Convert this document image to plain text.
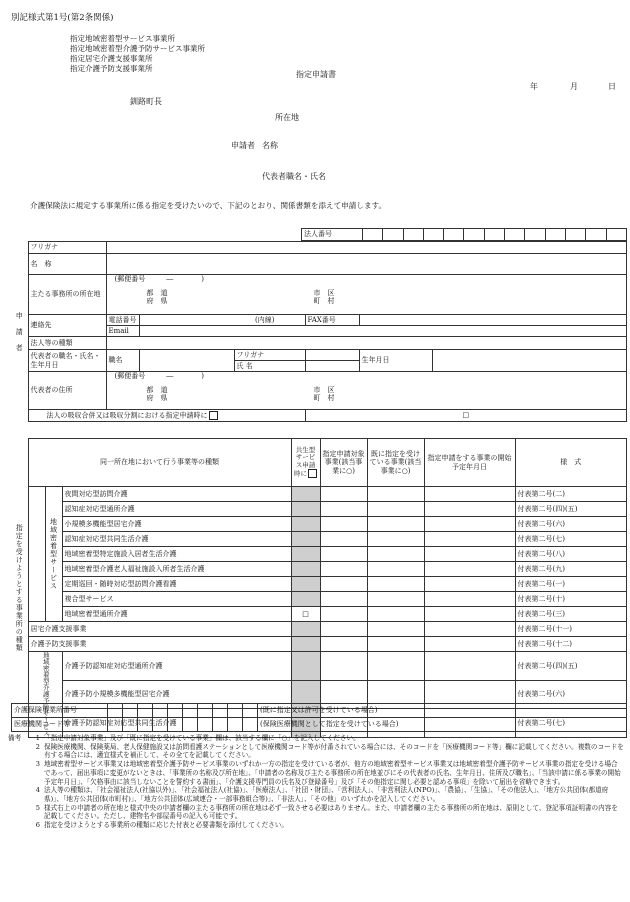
別記様式第1号(第2条関係)
指定地域密着型サービス事業所
指定地域密着型介護予防サービス事業所
指定居宅介護支援事業所
指定介護予防支援事業所
指定申請書
年	月	日
釧路町長
所在地
申請者 名称
代表者職名・氏名
介護保険法に規定する事業所に係る指定を受けたいので、下記のとおり、関係書類を添えて申請します。
法人番号													
申　請　者	フリガナ						
	名　称						
	主たる事務所の所在地	(郵便番号　　　―　　　　)
都　道
府　県
市　区
町　村					

	連絡先	電話番号	(内線)		FAX番号		
		Email					
	法人等の種類						
	代表者の職名・氏名・生年月日	職名		フリガナ		生年月日	
				氏 名			
	代表者の住所	(郵便番号　　　―　　　　)
都　道
府　県
市　区
町　村					

	法人の吸収合併又は吸収分割における指定申請時に				□		
指定を受けようとする事業所の種類	同一所在地において行う事業等の種類			共生型サービス申請時に	指定申請対象事業(該当事業に○)	既に指定を受けている事業(該当事業に○)	指定申請をする事業の開始予定年月日	様　式
		地域密着型サービス	夜間対応型訪問介護					付表第二号(二)
			認知症対応型通所介護					付表第二号(四)(五)
			小規模多機能型居宅介護					付表第二号(六)
			認知症対応型共同生活介護					付表第二号(七)
			地域密着型特定施設入居者生活介護					付表第二号(八)
			地域密着型介護老人福祉施設入所者生活介護					付表第二号(九)
			定期巡回・随時対応型訪問介護看護					付表第二号(一)
			複合型サービス					付表第二号(十)
			地域密着型通所介護	□				付表第二号(三)
	居宅介護支援事業							付表第二号(十一)
	介護予防支援事業							付表第二号(十二)
	地域密着型介護予防サービス		介護予防認知症対応型通所介護					付表第二号(四)(五)
			介護予防小規模多機能型居宅介護					付表第二号(六)
			介護予防認知症対応型共同生活介護					付表第二号(七)
介護保険事業所番号											(既に指定又は許可を受けている場合)
医療機関コード等											(保険医療機関として指定を受けている場合)
備考	1 「指定申請対象事業」及び「既に指定を受けている事業」欄は、該当する欄に「○」を記入してください。
2 保険医療機関、保険薬局、老人保健施設又は訪問看護ステーションとして医療機関コード等が付番されている場合には、そのコードを「医療機関コード等」欄に記載してください。複数のコードを有する場合には、適宜様式を補正して、その全てを記載してください。
3 地域密着型サービス事業又は地域密着型介護予防サービス事業のいずれか一方の指定を受けている者が、他方の地域密着型サービス事業又は地域密着型介護予防サービス事業の指定を受ける場合であって、届出事項に変更がないときは、「事業所の名称及び所在地」、「申請者の名称及び主たる事務所の所在地並びにその代表者の氏名、生年月日、住所及び職名」、「当該申請に係る事業の開始予定年月日」、「欠格事由に該当しないことを誓約する書面」、「介護支援専門員の氏名及び登録番号」及び「その他指定に関し必要と認める事項」を除いて届出を省略できます。
4 法人等の種類は、「社会福祉法人(社協以外)」、「社会福祉法人(社協)」、「医療法人」、「社団・財団」、「営利法人」、「非営利法人(NPO)」、「農協」、「生協」、「その他法人」、「地方公共団体(都道府県)」、「地方公共団体(市町村)」、「地方公共団体(広域連合・一部事務組合等)」、「非法人」、「その他」のいずれかを記入してください。
5 様式右上の申請者の所在地と様式中央の申請者欄の主たる事務所の所在地は必ず一致させる必要はありません。また、申請者欄の主たる事務所の所在地は、原則として、登記事項証明書の内容を記載してください。ただし、建物名や部屋番号の記入も可能です。
6 指定を受けようとする事業所の種類に応じた付表と必要書類を添付してください。
